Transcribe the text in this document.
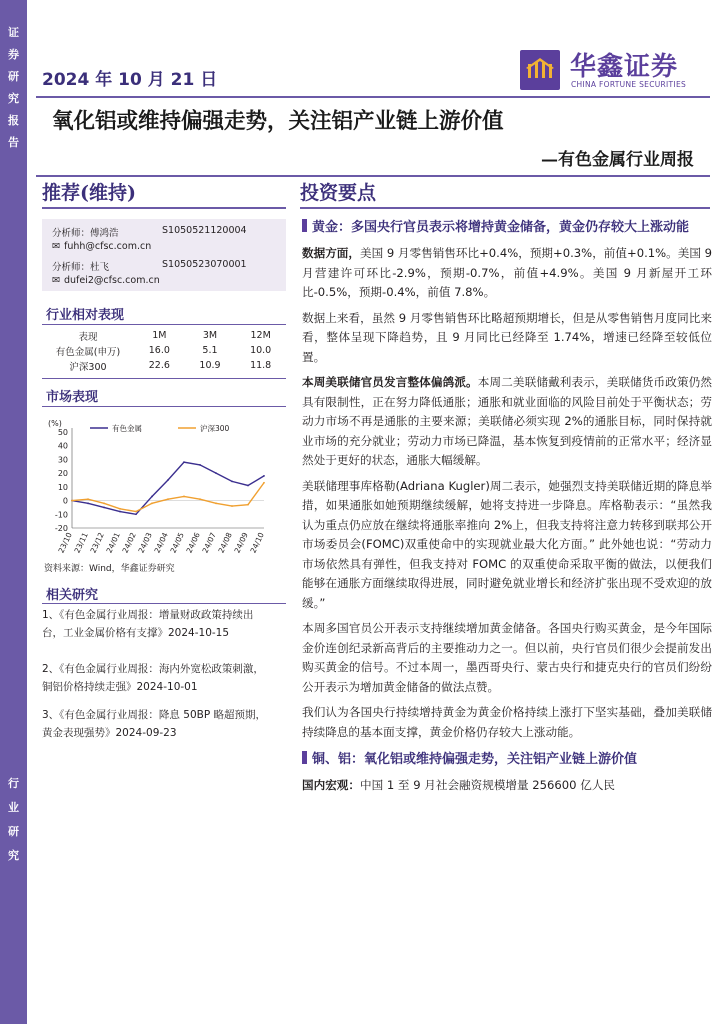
证
券
研
究
报
告
行
业
研
究
2024 年 10 月 21 日	华鑫证券
CHINA FORTUNE SECURITIES
氧化铝或维持偏强走势，关注铝产业链上游价值
—有色金属行业周报
推荐(维持)
分析师：傅鸿浩	S1050521120004
✉ fuhh@cfsc.com.cn
分析师：杜飞	S1050523070001
✉ dufei2@cfsc.com.cn
行业相对表现
表现	1M	3M	12M
有色金属(申万)	16.0	5.1	10.0
沪深300	22.6	10.9	11.8
市场表现
(%)
50
40
30
20
10
0
-10
-20
23/10
23/11
23/12
24/01
24/02
24/03
24/04
24/05
24/06
24/07
24/08
24/09
24/10
有色金属	沪深300
资料来源：Wind，华鑫证券研究
相关研究
1、《有色金属行业周报：增量财政政策持续出台，工业金属价格有支撑》2024-10-15
2、《有色金属行业周报：海内外宽松政策刺激，铜铝价格持续走强》2024-10-01
3、《有色金属行业周报：降息 50BP 略超预期，黄金表现强势》2024-09-23
投资要点
黄金：多国央行官员表示将增持黄金储备，黄金仍存较大上涨动能
数据方面，美国 9 月零售销售环比+0.4%，预期+0.3%，前值+0.1%。美国 9 月营建许可环比-2.9%，预期-0.7%，前值+4.9%。美国 9 月新屋开工环比-0.5%，预期-0.4%，前值 7.8%。
数据上来看，虽然 9 月零售销售环比略超预期增长，但是从零售销售月度同比来看，整体呈现下降趋势，且 9 月同比已经降至 1.74%，增速已经降至较低位置。
本周美联储官员发言整体偏鸽派。本周二美联储戴利表示，美联储货币政策仍然具有限制性，正在努力降低通胀；通胀和就业面临的风险目前处于平衡状态；劳动力市场不再是通胀的主要来源；美联储必须实现 2%的通胀目标，同时保持就业市场的充分就业；劳动力市场已降温，基本恢复到疫情前的正常水平；经济显然处于更好的状态，通胀大幅缓解。
美联储理事库格勒(Adriana Kugler)周二表示，她强烈支持美联储近期的降息举措，如果通胀如她预期继续缓解，她将支持进一步降息。库格勒表示：“虽然我认为重点仍应放在继续将通胀率推向 2%上，但我支持将注意力转移到联邦公开市场委员会(FOMC)双重使命中的实现就业最大化方面。” 此外她也说：“劳动力市场依然具有弹性，但我支持对 FOMC 的双重使命采取平衡的做法，以便我们能够在通胀方面继续取得进展，同时避免就业增长和经济扩张出现不受欢迎的放缓。”
本周多国官员公开表示支持继续增加黄金储备。各国央行购买黄金，是今年国际金价连创纪录新高背后的主要推动力之一。但以前，央行官员们很少会提前发出购买黄金的信号。不过本周一，墨西哥央行、蒙古央行和捷克央行的官员们纷纷公开表示为增加黄金储备的做法点赞。
我们认为各国央行持续增持黄金为黄金价格持续上涨打下坚实基础，叠加美联储持续降息的基本面支撑，黄金价格仍存较大上涨动能。
铜、铝：氧化铝或维持偏强走势，关注铝产业链上游价值
国内宏观：中国 1 至 9 月社会融资规模增量 256600 亿人民
